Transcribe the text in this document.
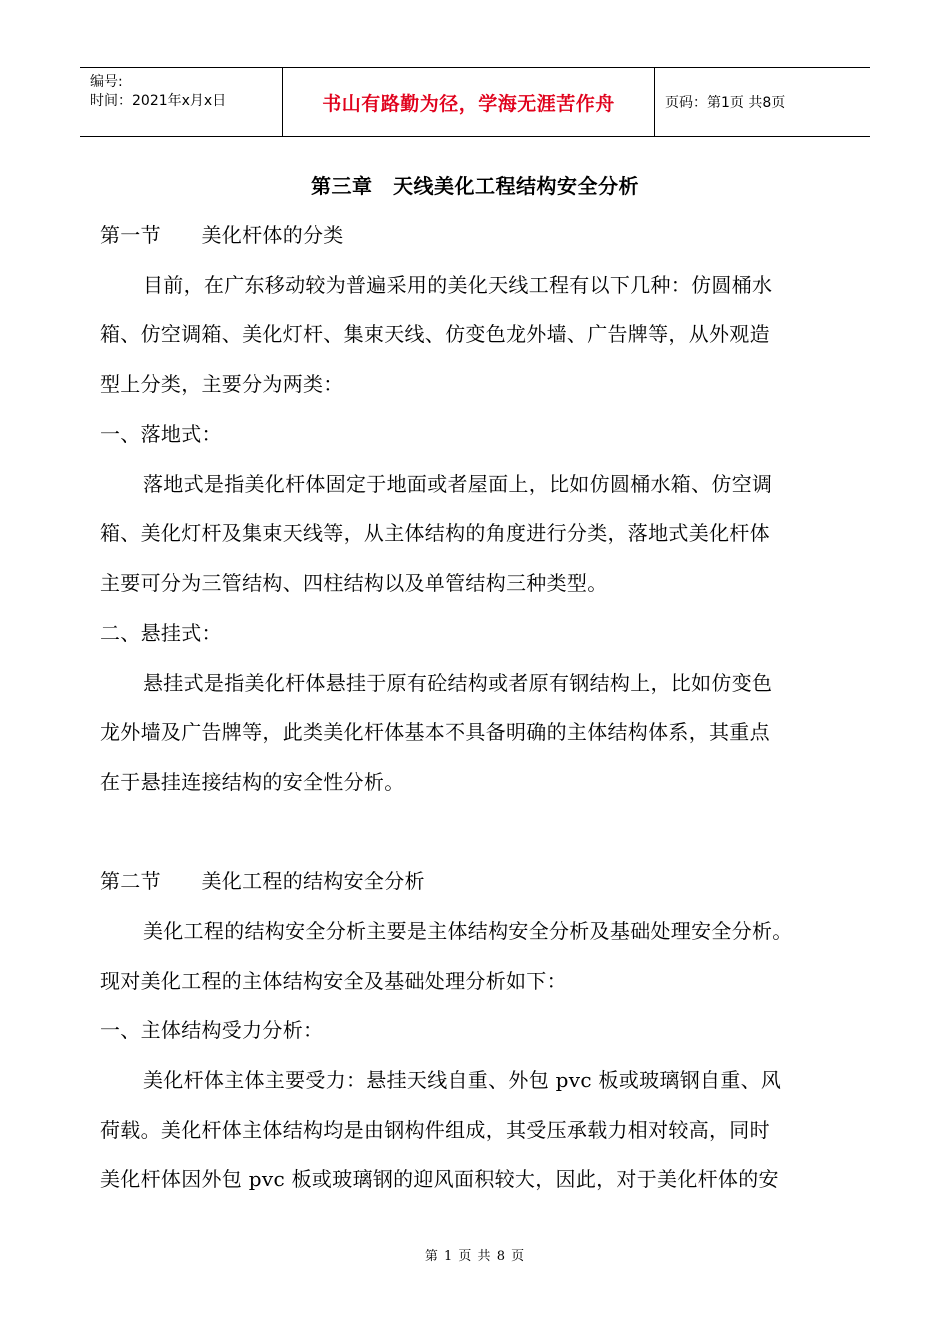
编号:
时间：2021年x月x日	书山有路勤为径，学海无涯苦作舟	页码：第1页 共8页
第三章　天线美化工程结构安全分析
第一节　　美化杆体的分类
目前，在广东移动较为普遍采用的美化天线工程有以下几种：仿圆桶水
箱、仿空调箱、美化灯杆、集束天线、仿变色龙外墙、广告牌等，从外观造
型上分类，主要分为两类：
一、落地式：
落地式是指美化杆体固定于地面或者屋面上，比如仿圆桶水箱、仿空调
箱、美化灯杆及集束天线等，从主体结构的角度进行分类，落地式美化杆体
主要可分为三管结构、四柱结构以及单管结构三种类型。
二、悬挂式：
悬挂式是指美化杆体悬挂于原有砼结构或者原有钢结构上，比如仿变色
龙外墙及广告牌等，此类美化杆体基本不具备明确的主体结构体系，其重点
在于悬挂连接结构的安全性分析。
第二节　　美化工程的结构安全分析
美化工程的结构安全分析主要是主体结构安全分析及基础处理安全分析。
现对美化工程的主体结构安全及基础处理分析如下：
一、主体结构受力分析：
美化杆体主体主要受力：悬挂天线自重、外包 pvc 板或玻璃钢自重、风
荷载。美化杆体主体结构均是由钢构件组成，其受压承载力相对较高，同时
美化杆体因外包 pvc 板或玻璃钢的迎风面积较大，因此，对于美化杆体的安
第 1 页 共 8 页
